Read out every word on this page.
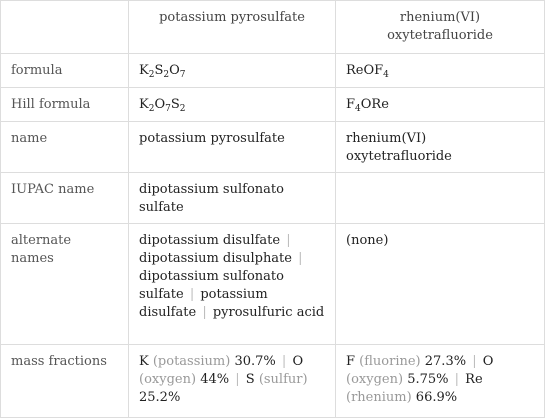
	potassium pyrosulfate	rhenium(VI) oxytetrafluoride
formula	$K_2S_2O_7$	ReOF$_4$
Hill formula	$K_2O_7S_2$	$F_4ORe$
name	potassium pyrosulfate	rhenium(VI) oxytetrafluoride
IUPAC name	dipotassium sulfonato sulfate	
alternate names	dipotassium disulfate | dipotassium disulphate | dipotassium sulfonato sulfate | potassium disulfate | pyrosulfuric acid	(none)
mass fractions	K (potassium) 30.7% | O (oxygen) 44% | S (sulfur) 25.2%	F (fluorine) 27.3% | O (oxygen) 5.75% | Re (rhenium) 66.9%
